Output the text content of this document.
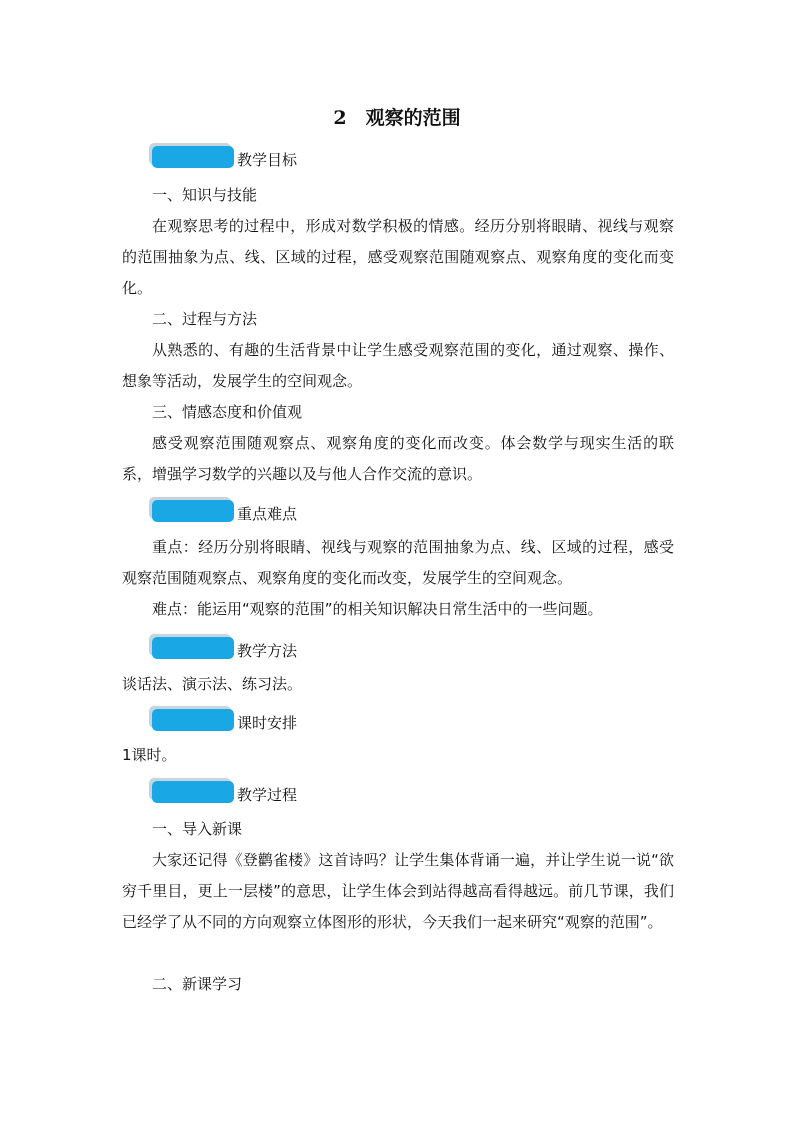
2　观察的范围
教学目标

一、知识与技能

在观察思考的过程中，形成对数学积极的情感。经历分别将眼睛、视线与观察的范围抽象为点、线、区域的过程，感受观察范围随观察点、观察角度的变化而变化。

二、过程与方法

从熟悉的、有趣的生活背景中让学生感受观察范围的变化，通过观察、操作、想象等活动，发展学生的空间观念。

三、情感态度和价值观

感受观察范围随观察点、观察角度的变化而改变。体会数学与现实生活的联系，增强学习数学的兴趣以及与他人合作交流的意识。

重点难点

重点：经历分别将眼睛、视线与观察的范围抽象为点、线、区域的过程，感受观察范围随观察点、观察角度的变化而改变，发展学生的空间观念。

难点：能运用“观察的范围”的相关知识解决日常生活中的一些问题。

教学方法

谈话法、演示法、练习法。

课时安排

1课时。

教学过程

一、导入新课

大家还记得《登鹳雀楼》这首诗吗？让学生集体背诵一遍，并让学生说一说“欲穷千里目，更上一层楼”的意思，让学生体会到站得越高看得越远。前几节课，我们已经学了从不同的方向观察立体图形的形状，今天我们一起来研究“观察的范围”。

二、新课学习
